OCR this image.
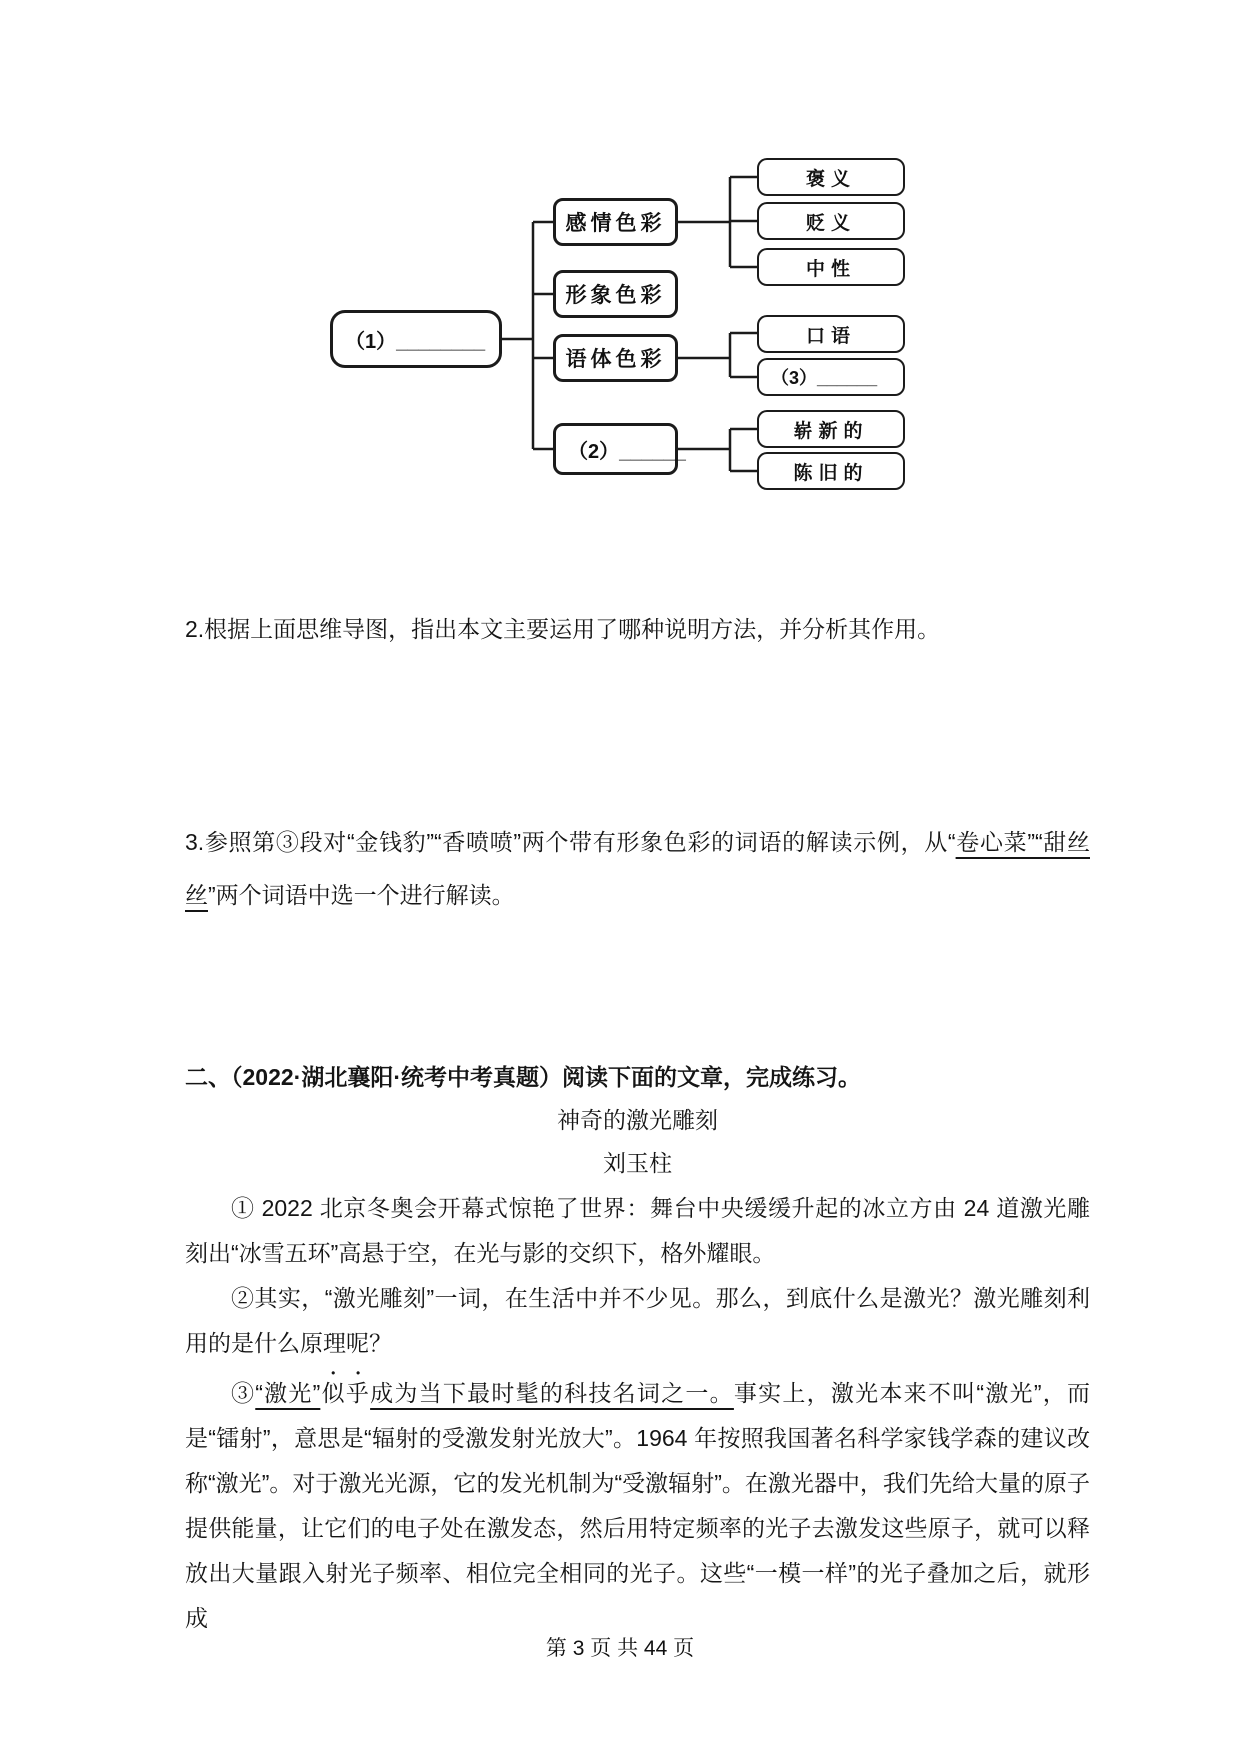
（1）________
感情色彩
形象色彩
语体色彩
（2）______
褒义
贬义
中性
口语
（3）______
崭新的
陈旧的
2.根据上面思维导图，指出本文主要运用了哪种说明方法，并分析其作用。
3.参照第③段对“金钱豹”“香喷喷”两个带有形象色彩的词语的解读示例，从“卷心菜”“甜丝丝”两个词语中选一个进行解读。
二、（2022·湖北襄阳·统考中考真题）阅读下面的文章，完成练习。
神奇的激光雕刻
刘玉柱

① 2022 北京冬奥会开幕式惊艳了世界：舞台中央缓缓升起的冰立方由 24 道激光雕刻出“冰雪五环”高悬于空，在光与影的交织下，格外耀眼。

②其实，“激光雕刻”一词，在生活中并不少见。那么，到底什么是激光？激光雕刻利用的是什么原理呢？

③“激光”似乎成为当下最时髦的科技名词之一。事实上，激光本来不叫“激光”，而是“镭射”，意思是“辐射的受激发射光放大”。1964 年按照我国著名科学家钱学森的建议改称“激光”。对于激光光源，它的发光机制为“受激辐射”。在激光器中，我们先给大量的原子提供能量，让它们的电子处在激发态，然后用特定频率的光子去激发这些原子，就可以释放出大量跟入射光子频率、相位完全相同的光子。这些“一模一样”的光子叠加之后，就形成

第 3 页 共 44 页
